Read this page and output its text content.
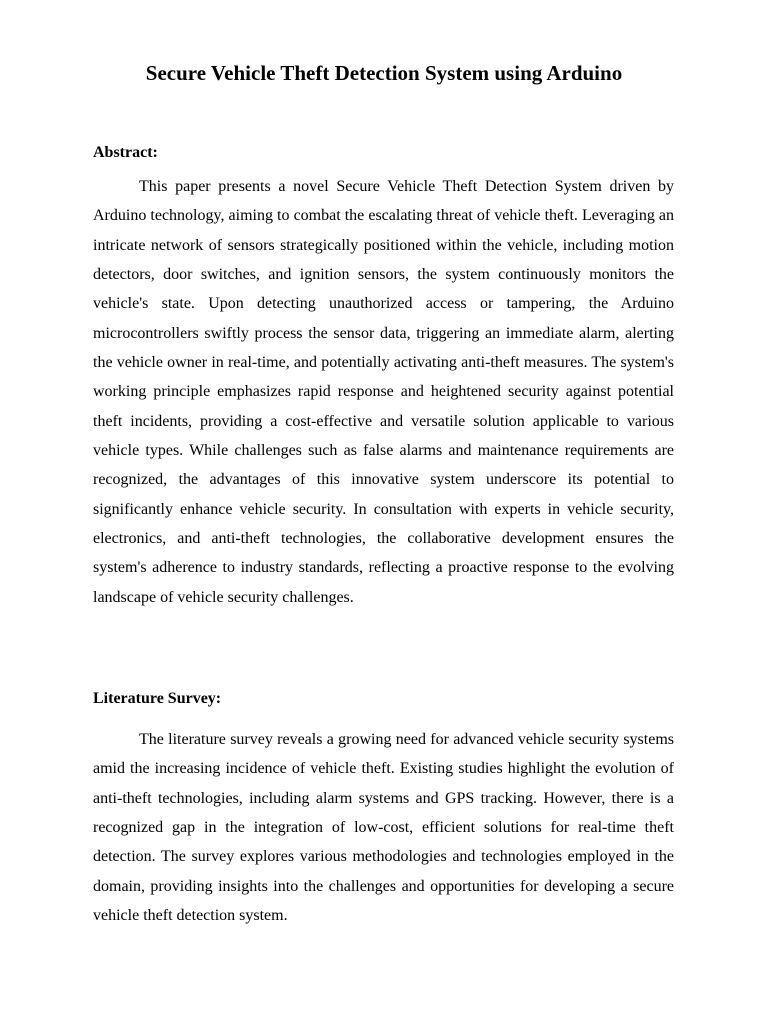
Secure Vehicle Theft Detection System using Arduino
Abstract:

This paper presents a novel Secure Vehicle Theft Detection System driven by Arduino technology, aiming to combat the escalating threat of vehicle theft. Leveraging an intricate network of sensors strategically positioned within the vehicle, including motion detectors, door switches, and ignition sensors, the system continuously monitors the vehicle's state. Upon detecting unauthorized access or tampering, the Arduino microcontrollers swiftly process the sensor data, triggering an immediate alarm, alerting the vehicle owner in real-time, and potentially activating anti-theft measures. The system's working principle emphasizes rapid response and heightened security against potential theft incidents, providing a cost-effective and versatile solution applicable to various vehicle types. While challenges such as false alarms and maintenance requirements are recognized, the advantages of this innovative system underscore its potential to significantly enhance vehicle security. In consultation with experts in vehicle security, electronics, and anti-theft technologies, the collaborative development ensures the system's adherence to industry standards, reflecting a proactive response to the evolving landscape of vehicle security challenges.

Literature Survey:

The literature survey reveals a growing need for advanced vehicle security systems amid the increasing incidence of vehicle theft. Existing studies highlight the evolution of anti-theft technologies, including alarm systems and GPS tracking. However, there is a recognized gap in the integration of low-cost, efficient solutions for real-time theft detection. The survey explores various methodologies and technologies employed in the domain, providing insights into the challenges and opportunities for developing a secure vehicle theft detection system.
